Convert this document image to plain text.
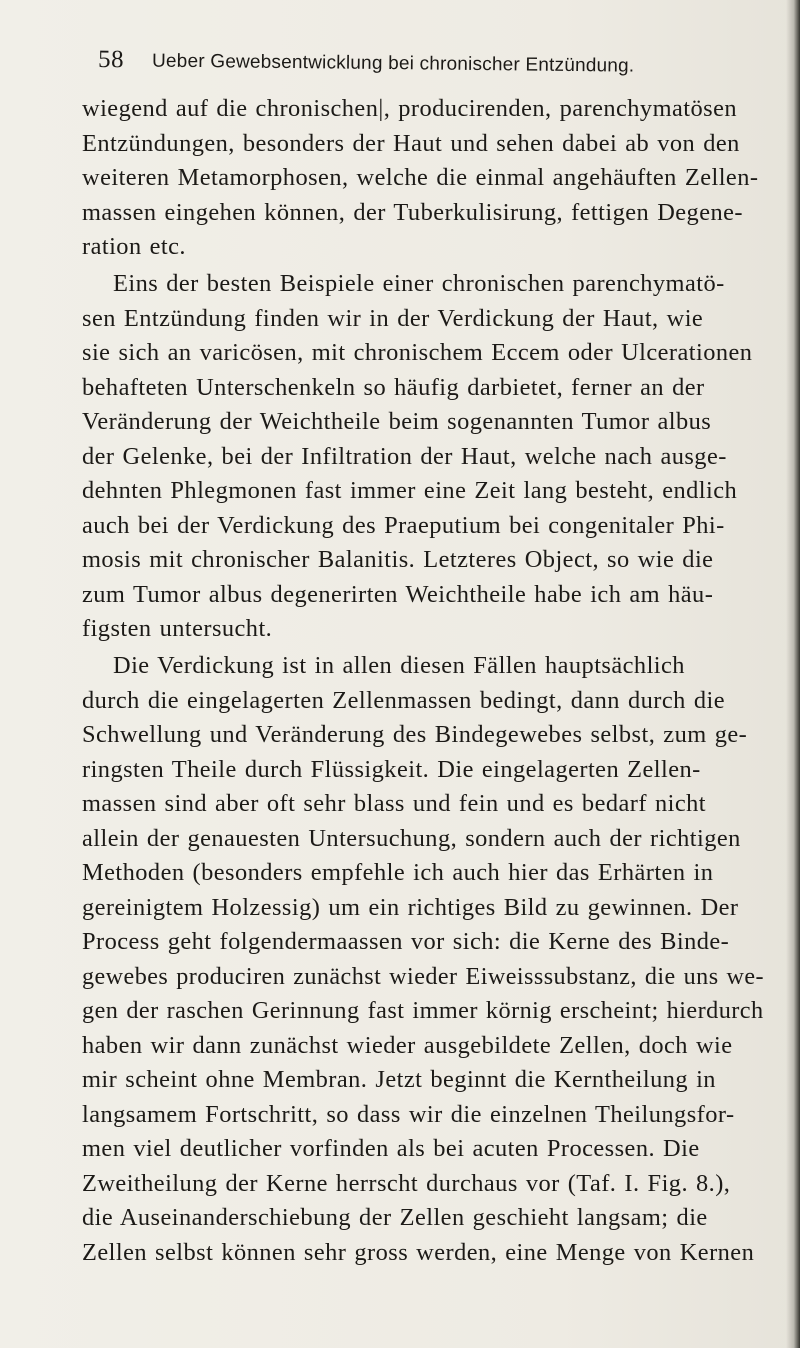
58 Ueber Gewebsentwicklung bei chronischer Entzündung.
wiegend auf die chronischen|, producirenden, parenchymatösen
Entzündungen, besonders der Haut und sehen dabei ab von den
weiteren Metamorphosen, welche die einmal angehäuften Zellen-
massen eingehen können, der Tuberkulisirung, fettigen Degene-
ration etc.
Eins der besten Beispiele einer chronischen parenchymatö-
sen Entzündung finden wir in der Verdickung der Haut, wie
sie sich an varicösen, mit chronischem Eccem oder Ulcerationen
behafteten Unterschenkeln so häufig darbietet, ferner an der
Veränderung der Weichtheile beim sogenannten Tumor albus
der Gelenke, bei der Infiltration der Haut, welche nach ausge-
dehnten Phlegmonen fast immer eine Zeit lang besteht, endlich
auch bei der Verdickung des Praeputium bei congenitaler Phi-
mosis mit chronischer Balanitis. Letzteres Object, so wie die
zum Tumor albus degenerirten Weichtheile habe ich am häu-
figsten untersucht.
Die Verdickung ist in allen diesen Fällen hauptsächlich
durch die eingelagerten Zellenmassen bedingt, dann durch die
Schwellung und Veränderung des Bindegewebes selbst, zum ge-
ringsten Theile durch Flüssigkeit. Die eingelagerten Zellen-
massen sind aber oft sehr blass und fein und es bedarf nicht
allein der genauesten Untersuchung, sondern auch der richtigen
Methoden (besonders empfehle ich auch hier das Erhärten in
gereinigtem Holzessig) um ein richtiges Bild zu gewinnen. Der
Process geht folgendermaassen vor sich: die Kerne des Binde-
gewebes produciren zunächst wieder Eiweisssubstanz, die uns we-
gen der raschen Gerinnung fast immer körnig erscheint; hierdurch
haben wir dann zunächst wieder ausgebildete Zellen, doch wie
mir scheint ohne Membran. Jetzt beginnt die Kerntheilung in
langsamem Fortschritt, so dass wir die einzelnen Theilungsfor-
men viel deutlicher vorfinden als bei acuten Processen. Die
Zweitheilung der Kerne herrscht durchaus vor (Taf. I. Fig. 8.),
die Auseinanderschiebung der Zellen geschieht langsam; die
Zellen selbst können sehr gross werden, eine Menge von Kernen
